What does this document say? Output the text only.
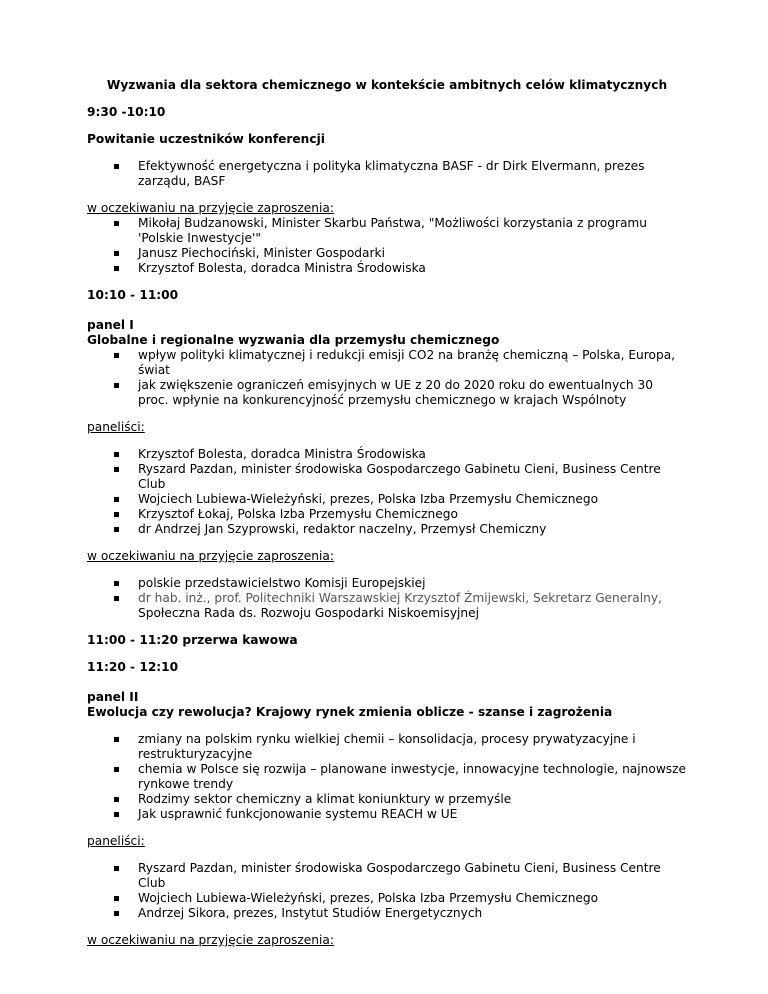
Wyzwania dla sektora chemicznego w kontekście ambitnych celów klimatycznych

9:30 -10:10

Powitanie uczestników konferencji

Efektywność energetyczna i polityka klimatyczna BASF - dr Dirk Elvermann, prezes zarządu, BASF

w oczekiwaniu na przyjęcie zaproszenia:

Mikołaj Budzanowski, Minister Skarbu Państwa, "Możliwości korzystania z programu 'Polskie Inwestycje'"
Janusz Piechociński, Minister Gospodarki
Krzysztof Bolesta, doradca Ministra Środowiska

10:10 - 11:00

panel I

Globalne i regionalne wyzwania dla przemysłu chemicznego

wpływ polityki klimatycznej i redukcji emisji CO2 na branżę chemiczną – Polska, Europa, świat
jak zwiększenie ograniczeń emisyjnych w UE z 20 do 2020 roku do ewentualnych 30 proc. wpłynie na konkurencyjność przemysłu chemicznego w krajach Wspólnoty

paneliści:

Krzysztof Bolesta, doradca Ministra Środowiska
Ryszard Pazdan, minister środowiska Gospodarczego Gabinetu Cieni, Business Centre Club
Wojciech Lubiewa-Wieleżyński, prezes, Polska Izba Przemysłu Chemicznego
Krzysztof Łokaj, Polska Izba Przemysłu Chemicznego
dr Andrzej Jan Szyprowski, redaktor naczelny, Przemysł Chemiczny

w oczekiwaniu na przyjęcie zaproszenia:

polskie przedstawicielstwo Komisji Europejskiej
dr hab. inż., prof. Politechniki Warszawskiej Krzysztof Żmijewski, Sekretarz Generalny,
Społeczna Rada ds. Rozwoju Gospodarki Niskoemisyjnej

11:00 - 11:20 przerwa kawowa

11:20 - 12:10

panel II

Ewolucja czy rewolucja? Krajowy rynek zmienia oblicze - szanse i zagrożenia

zmiany na polskim rynku wielkiej chemii – konsolidacja, procesy prywatyzacyjne i restrukturyzacyjne
chemia w Polsce się rozwija – planowane inwestycje, innowacyjne technologie, najnowsze rynkowe trendy
Rodzimy sektor chemiczny a klimat koniunktury w przemyśle
Jak usprawnić funkcjonowanie systemu REACH w UE

paneliści:

Ryszard Pazdan, minister środowiska Gospodarczego Gabinetu Cieni, Business Centre Club
Wojciech Lubiewa-Wieleżyński, prezes, Polska Izba Przemysłu Chemicznego
Andrzej Sikora, prezes, Instytut Studiów Energetycznych

w oczekiwaniu na przyjęcie zaproszenia:
